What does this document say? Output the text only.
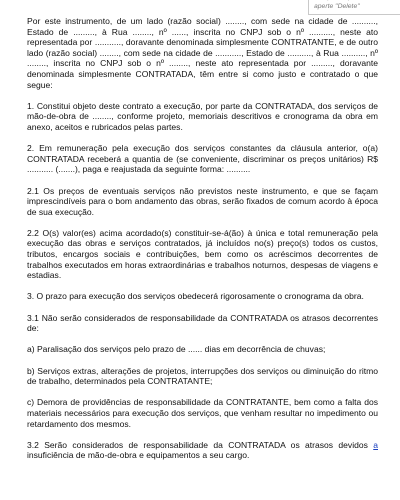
aperte "Delete"

Por este instrumento, de um lado (razão social) ........, com sede na cidade de .........., Estado de ........., à Rua ........, nº ......, inscrita no CNPJ sob o nº .........., neste ato representada por ..........., doravante denominada simplesmente CONTRATANTE, e de outro lado (razão social) ........, com sede na cidade de ..........., Estado de .........., à Rua .........., nº ........, inscrita no CNPJ sob o nº ........, neste ato representada por ........., doravante denominada simplesmente CONTRATADA, têm entre si como justo e contratado o que segue:

1. Constitui objeto deste contrato a execução, por parte da CONTRATADA, dos serviços de mão-de-obra de ........, conforme projeto, memoriais descritivos e cronograma da obra em anexo, aceitos e rubricados pelas partes.

2. Em remuneração pela execução dos serviços constantes da cláusula anterior, o(a) CONTRATADA receberá a quantia de (se conveniente, discriminar os preços unitários) R$ ........... (.......), paga e reajustada da seguinte forma: ..........

2.1 Os preços de eventuais serviços não previstos neste instrumento, e que se façam imprescindíveis para o bom andamento das obras, serão fixados de comum acordo à época de sua execução.

2.2 O(s) valor(es) acima acordado(s) constituir-se-á(ão) à única e total remuneração pela execução das obras e serviços contratados, já incluídos no(s) preço(s) todos os custos, tributos, encargos sociais e contribuições, bem como os acréscimos decorrentes de trabalhos executados em horas extraordinárias e trabalhos noturnos, despesas de viagens e estadias.

3. O prazo para execução dos serviços obedecerá rigorosamente o cronograma da obra.

3.1 Não serão considerados de responsabilidade da CONTRATADA os atrasos decorrentes de:

a) Paralisação dos serviços pelo prazo de ...... dias em decorrência de chuvas;

b) Serviços extras, alterações de projetos, interrupções dos serviços ou diminuição do ritmo de trabalho, determinados pela CONTRATANTE;

c) Demora de providências de responsabilidade da CONTRATANTE, bem como a falta dos materiais necessários para execução dos serviços, que venham resultar no impedimento ou retardamento dos mesmos.

3.2 Serão considerados de responsabilidade da CONTRATADA os atrasos devidos a insuficiência de mão-de-obra e equipamentos a seu cargo.
